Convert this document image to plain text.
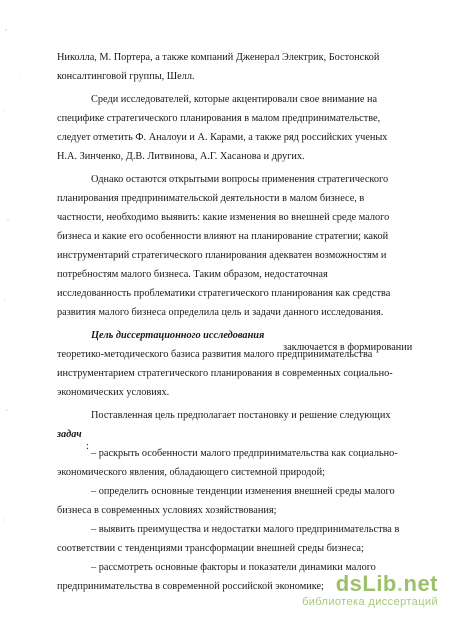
Николла, М. Портера, а также компаний Дженерал Электрик, Бостонской

консалтинговой группы, Шелл.

Среди исследователей, которые акцентировали свое внимание на

специфике стратегического планирования в малом предпринимательстве,

следует отметить Ф. Аналоуи и А. Карами, а также ряд российских ученых

Н.А. Зинченко, Д.В. Литвинова, А.Г. Хасанова и других.

Однако остаются открытыми вопросы применения стратегического

планирования предпринимательской деятельности в малом бизнесе, в

частности, необходимо выявить: какие изменения во внешней среде малого

бизнеса и какие его особенности влияют на планирование стратегии; какой

инструментарий стратегического планирования адекватен возможностям и

потребностям малого бизнеса. Таким образом, недостаточная

исследованность проблематики стратегического планирования как средства

развития малого бизнеса определила цель и задачи данного исследования.

Цель диссертационного исследования

заключается в формировании

теоретико-методического базиса развития малого предпринимательства

инструментарием стратегического планирования в современных социально-

экономических условиях.

Поставленная цель предполагает постановку и решение следующих

задач

:

– раскрыть особенности малого предпринимательства как социально-

экономического явления, обладающего системной природой;

– определить основные тенденции изменения внешней среды малого

бизнеса в современных условиях хозяйствования;

– выявить преимущества и недостатки малого предпринимательства в

соответствии с тенденциями трансформации внешней среды бизнеса;

– рассмотреть основные факторы и показатели динамики малого

предпринимательства в современной российской экономике;

dsLib.net
библиотека диссертаций
